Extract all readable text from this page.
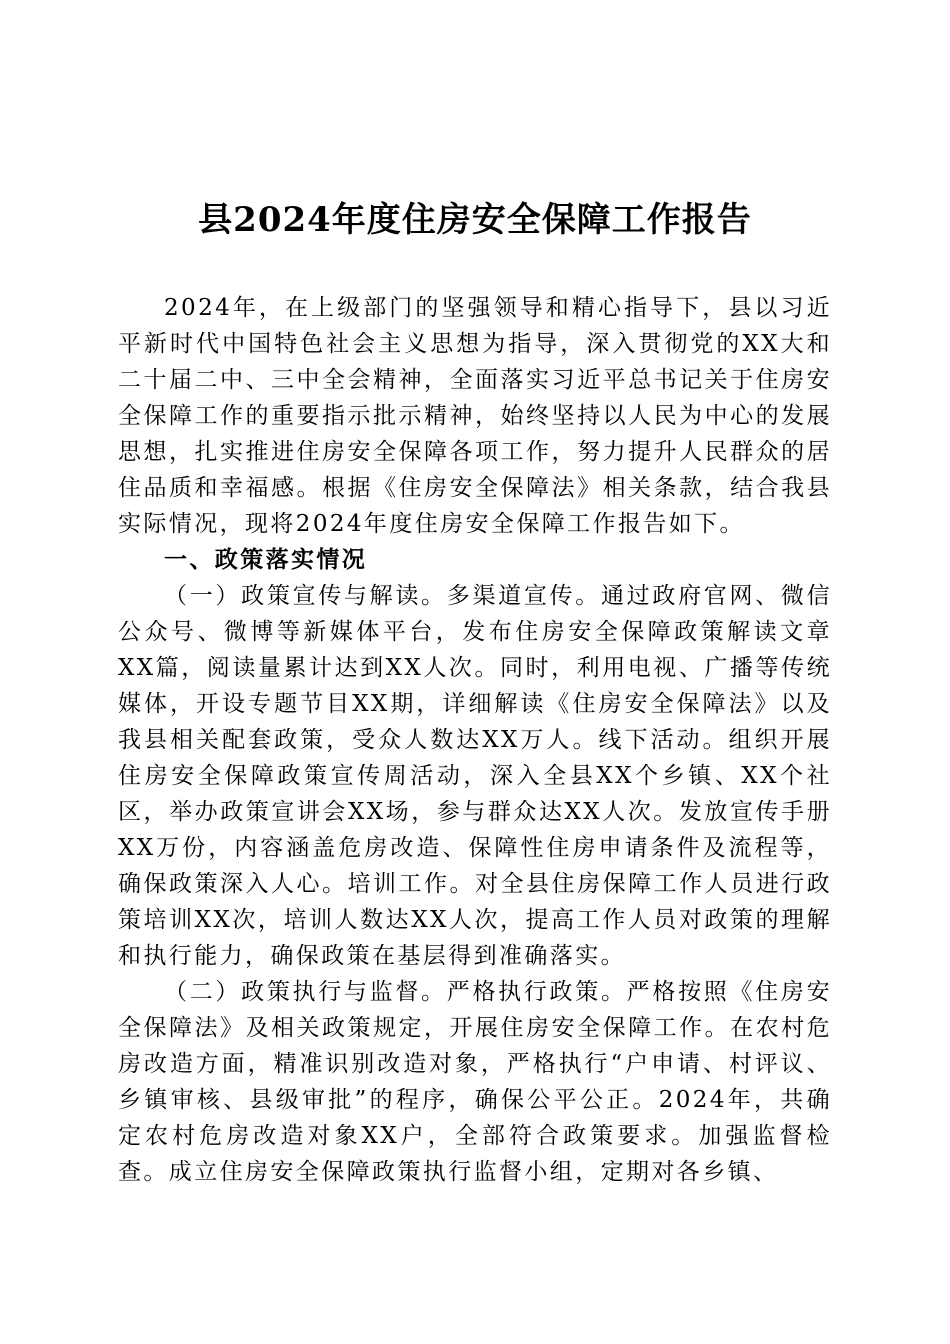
县2024年度住房安全保障工作报告

2024年，在上级部门的坚强领导和精心指导下，县以习近平新时代中国特色社会主义思想为指导，深入贯彻党的XX大和二十届二中、三中全会精神，全面落实习近平总书记关于住房安全保障工作的重要指示批示精神，始终坚持以人民为中心的发展思想，扎实推进住房安全保障各项工作，努力提升人民群众的居住品质和幸福感。根据《住房安全保障法》相关条款，结合我县实际情况，现将2024年度住房安全保障工作报告如下。

一、政策落实情况

（一）政策宣传与解读。多渠道宣传。通过政府官网、微信公众号、微博等新媒体平台，发布住房安全保障政策解读文章XX篇，阅读量累计达到XX人次。同时，利用电视、广播等传统媒体，开设专题节目XX期，详细解读《住房安全保障法》以及我县相关配套政策，受众人数达XX万人。线下活动。组织开展住房安全保障政策宣传周活动，深入全县XX个乡镇、XX个社区，举办政策宣讲会XX场，参与群众达XX人次。发放宣传手册XX万份，内容涵盖危房改造、保障性住房申请条件及流程等，确保政策深入人心。培训工作。对全县住房保障工作人员进行政策培训XX次，培训人数达XX人次，提高工作人员对政策的理解和执行能力，确保政策在基层得到准确落实。

（二）政策执行与监督。严格执行政策。严格按照《住房安全保障法》及相关政策规定，开展住房安全保障工作。在农村危房改造方面，精准识别改造对象，严格执行“户申请、村评议、乡镇审核、县级审批”的程序，确保公平公正。2024年，共确定农村危房改造对象XX户，全部符合政策要求。加强监督检查。成立住房安全保障政策执行监督小组，定期对各乡镇、
